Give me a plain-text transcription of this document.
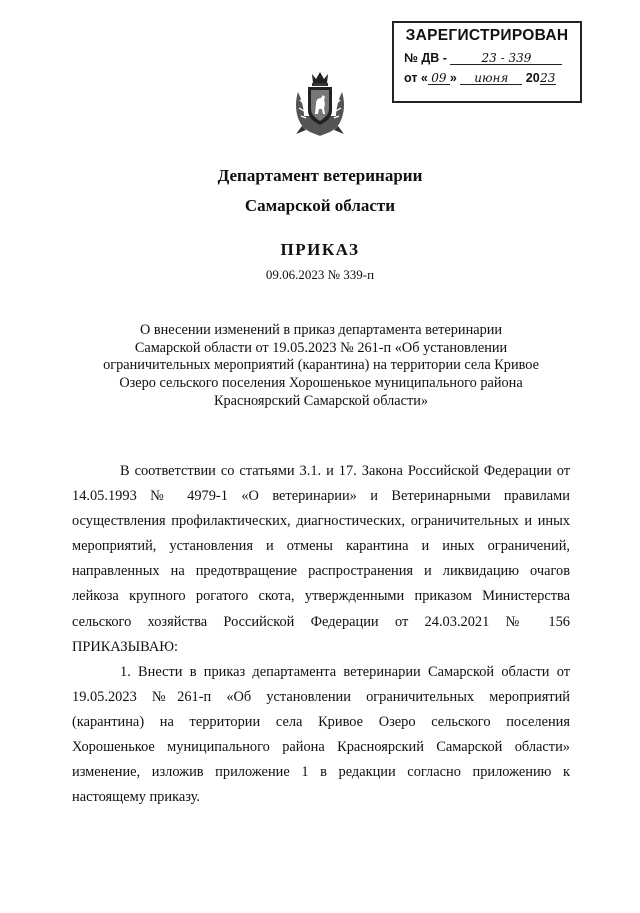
ЗАРЕГИСТРИРОВАН

№ ДВ -	23 - 339
от « 09 » июня 2023

Департамент ветеринарии

Самарской области

ПРИКАЗ

09.06.2023 № 339-п

О внесении изменений в приказ департамента ветеринарии
Самарской области от 19.05.2023 № 261-п «Об установлении
ограничительных мероприятий (карантина) на территории села Кривое
Озеро сельского поселения Хорошенькое муниципального района
Красноярский Самарской области»

В соответствии со статьями 3.1. и 17. Закона Российской Федерации от 14.05.1993 № 4979-1 «О ветеринарии» и Ветеринарными правилами осуществления профилактических, диагностических, ограничительных и иных мероприятий, установления и отмены карантина и иных ограничений, направленных на предотвращение распространения и ликвидацию очагов лейкоза крупного рогатого скота, утвержденными приказом Министерства сельского хозяйства Российской Федерации от 24.03.2021 № 156 ПРИКАЗЫВАЮ:

1. Внести в приказ департамента ветеринарии Самарской области от 19.05.2023 №261-п «Об установлении ограничительных мероприятий (карантина) на территории села Кривое Озеро сельского поселения Хорошенькое муниципального района Красноярский Самарской области» изменение, изложив приложение 1 в редакции согласно приложению к настоящему приказу.
